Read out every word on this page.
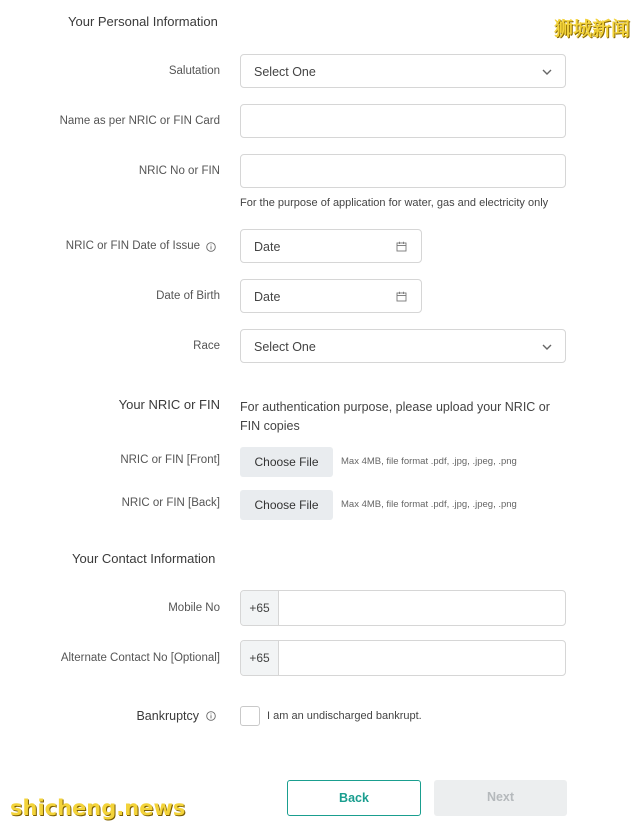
狮城新闻
Your Personal Information
Salutation	Select One
Name as per NRIC or FIN Card
NRIC No or FIN
For the purpose of application for water, gas and electricity only
NRIC or FIN Date of Issue	Date
Date of Birth	Date
Race	Select One
Your NRIC or FIN For authentication purpose, please upload your NRIC or FIN copies
NRIC or FIN [Front]	Choose File	Max 4MB, file format .pdf, .jpg, .jpeg, .png
NRIC or FIN [Back]	Choose File	Max 4MB, file format .pdf, .jpg, .jpeg, .png
Your Contact Information
Mobile No	+65
Alternate Contact No [Optional]	+65
Bankruptcy	I am an undischarged bankrupt.
Back	Next
shicheng.news
